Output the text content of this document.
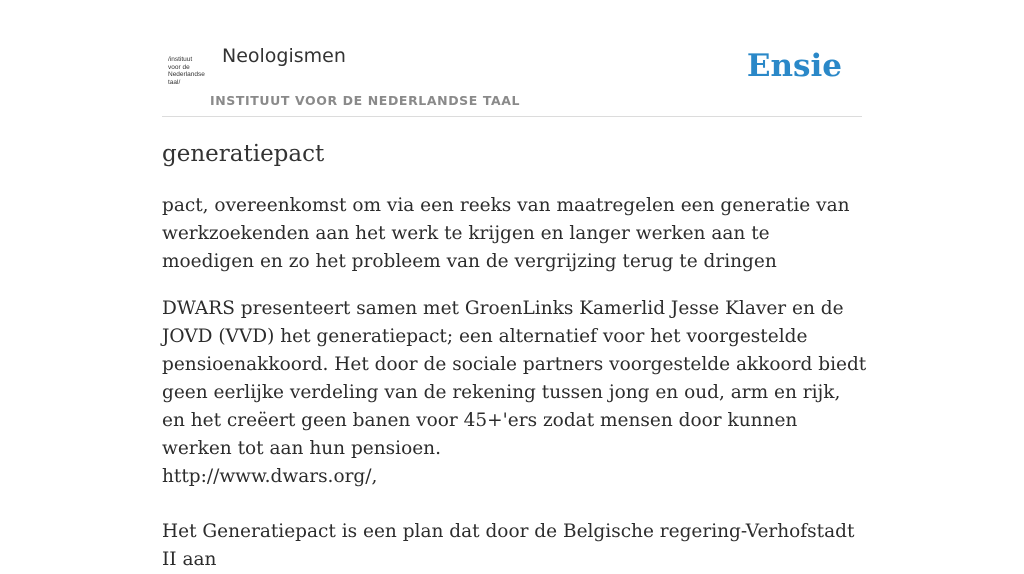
/instituut
voor de
Nederlandse
taal/
Neologismen
INSTITUUT VOOR DE NEDERLANDSE TAAL
Ensie
generatiepact

pact, overeenkomst om via een reeks van maatregelen een generatie van werkzoekenden aan het werk te krijgen en langer werken aan te moedigen en zo het probleem van de vergrijzing terug te dringen

DWARS presenteert samen met GroenLinks Kamerlid Jesse Klaver en de JOVD (VVD) het generatiepact; een alternatief voor het voorgestelde pensioenakkoord. Het door de sociale partners voorgestelde akkoord biedt geen eerlijke verdeling van de rekening tussen jong en oud, arm en rijk, en het creëert geen banen voor 45+'ers zodat mensen door kunnen werken tot aan hun pensioen.
http://www.dwars.org/,

Het Generatiepact is een plan dat door de Belgische regering-Verhofstadt II aan
